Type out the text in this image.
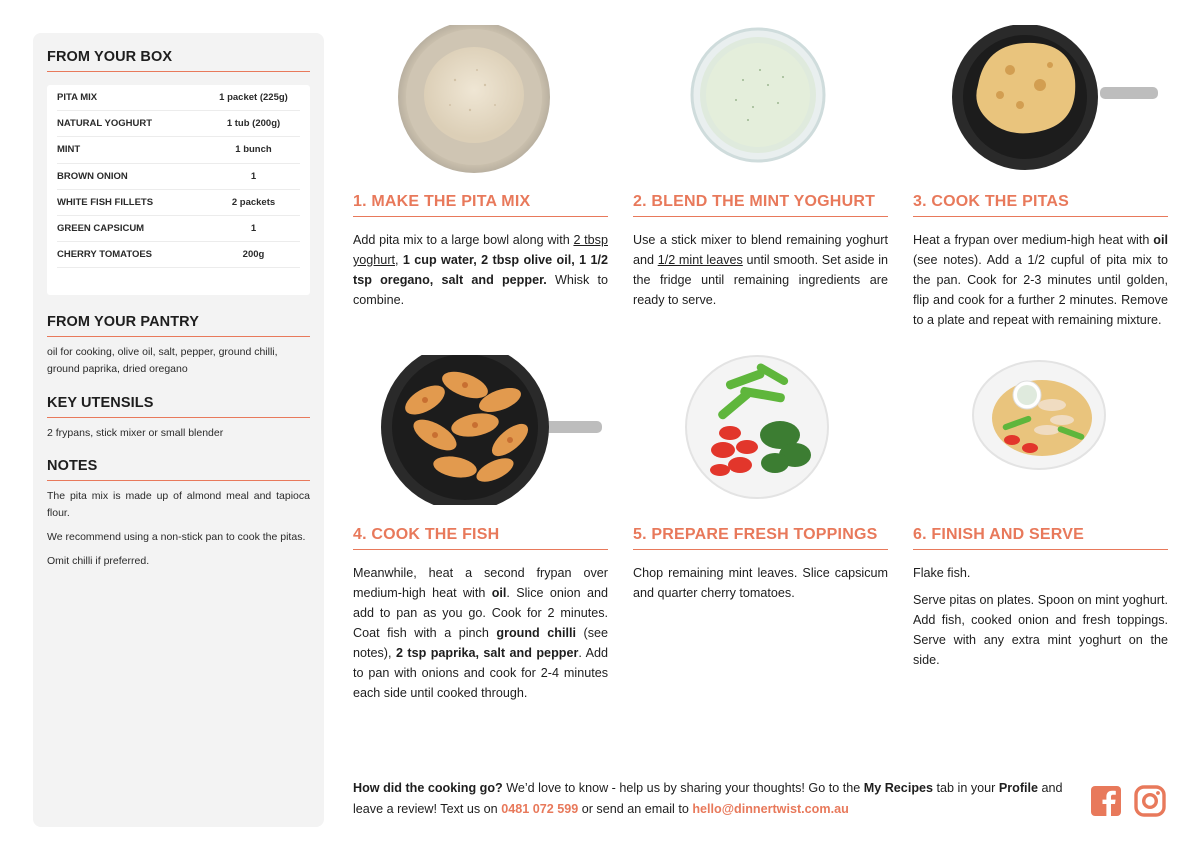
FROM YOUR BOX
PITA MIX	1 packet (225g)
NATURAL YOGHURT	1 tub (200g)
MINT	1 bunch
BROWN ONION	1
WHITE FISH FILLETS	2 packets
GREEN CAPSICUM	1
CHERRY TOMATOES	200g
FROM YOUR PANTRY
oil for cooking, olive oil, salt, pepper, ground chilli, ground paprika, dried oregano
KEY UTENSILS
2 frypans, stick mixer or small blender
NOTES
The pita mix is made up of almond meal and tapioca flour.
We recommend using a non-stick pan to cook the pitas.
Omit chilli if preferred.
1. MAKE THE PITA MIX

Add pita mix to a large bowl along with 2 tbsp yoghurt, 1 cup water, 2 tbsp olive oil, 1 1/2 tsp oregano, salt and pepper. Whisk to combine.

2. BLEND THE MINT YOGHURT

Use a stick mixer to blend remaining yoghurt and 1/2 mint leaves until smooth. Set aside in the fridge until remaining ingredients are ready to serve.

3. COOK THE PITAS

Heat a frypan over medium-high heat with oil (see notes). Add a 1/2 cupful of pita mix to the pan. Cook for 2-3 minutes until golden, flip and cook for a further 2 minutes. Remove to a plate and repeat with remaining mixture.

4. COOK THE FISH

Meanwhile, heat a second frypan over medium-high heat with oil. Slice onion and add to pan as you go. Cook for 2 minutes. Coat fish with a pinch ground chilli (see notes), 2 tsp paprika, salt and pepper. Add to pan with onions and cook for 2-4 minutes each side until cooked through.

5. PREPARE FRESH TOPPINGS

Chop remaining mint leaves. Slice capsicum and quarter cherry tomatoes.

6. FINISH AND SERVE

Flake fish.

Serve pitas on plates. Spoon on mint yoghurt. Add fish, cooked onion and fresh toppings. Serve with any extra mint yoghurt on the side.

How did the cooking go? We’d love to know - help us by sharing your thoughts! Go to the My Recipes tab in your Profile and leave a review! Text us on 0481 072 599 or send an email to hello@dinnertwist.com.au
